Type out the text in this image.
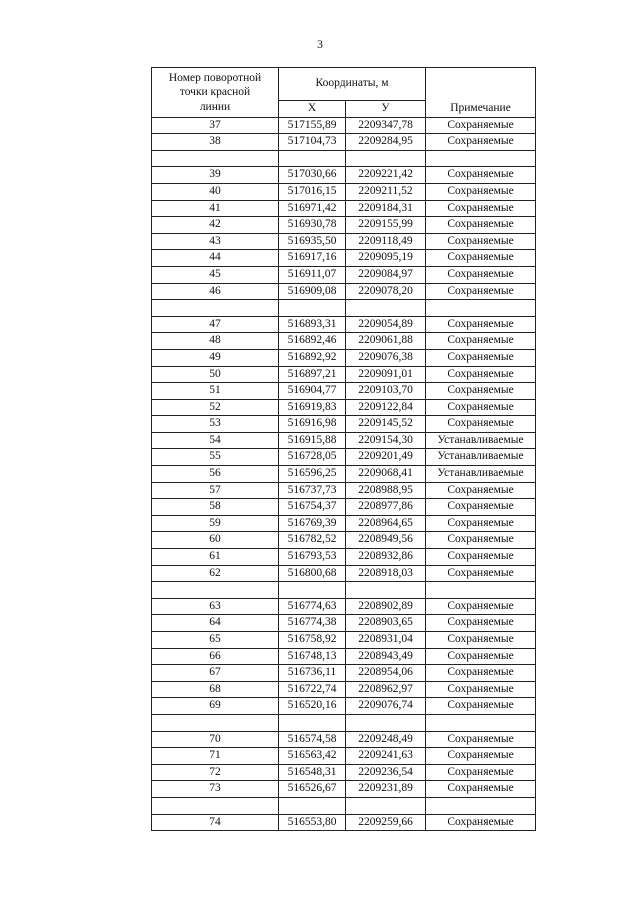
3
Номер поворотной
точки красной
линии	Координаты, м		Примечание
	X	У	
37	517155,89	2209347,78	Сохраняемые
38	517104,73	2209284,95	Сохраняемые

39	517030,66	2209221,42	Сохраняемые
40	517016,15	2209211,52	Сохраняемые
41	516971,42	2209184,31	Сохраняемые
42	516930,78	2209155,99	Сохраняемые
43	516935,50	2209118,49	Сохраняемые
44	516917,16	2209095,19	Сохраняемые
45	516911,07	2209084,97	Сохраняемые
46	516909,08	2209078,20	Сохраняемые

47	516893,31	2209054,89	Сохраняемые
48	516892,46	2209061,88	Сохраняемые
49	516892,92	2209076,38	Сохраняемые
50	516897,21	2209091,01	Сохраняемые
51	516904,77	2209103,70	Сохраняемые
52	516919,83	2209122,84	Сохраняемые
53	516916,98	2209145,52	Сохраняемые
54	516915,88	2209154,30	Устанавливаемые
55	516728,05	2209201,49	Устанавливаемые
56	516596,25	2209068,41	Устанавливаемые
57	516737,73	2208988,95	Сохраняемые
58	516754,37	2208977,86	Сохраняемые
59	516769,39	2208964,65	Сохраняемые
60	516782,52	2208949,56	Сохраняемые
61	516793,53	2208932,86	Сохраняемые
62	516800,68	2208918,03	Сохраняемые

63	516774,63	2208902,89	Сохраняемые
64	516774,38	2208903,65	Сохраняемые
65	516758,92	2208931,04	Сохраняемые
66	516748,13	2208943,49	Сохраняемые
67	516736,11	2208954,06	Сохраняемые
68	516722,74	2208962,97	Сохраняемые
69	516520,16	2209076,74	Сохраняемые

70	516574,58	2209248,49	Сохраняемые
71	516563,42	2209241,63	Сохраняемые
72	516548,31	2209236,54	Сохраняемые
73	516526,67	2209231,89	Сохраняемые

74	516553,80	2209259,66	Сохраняемые
